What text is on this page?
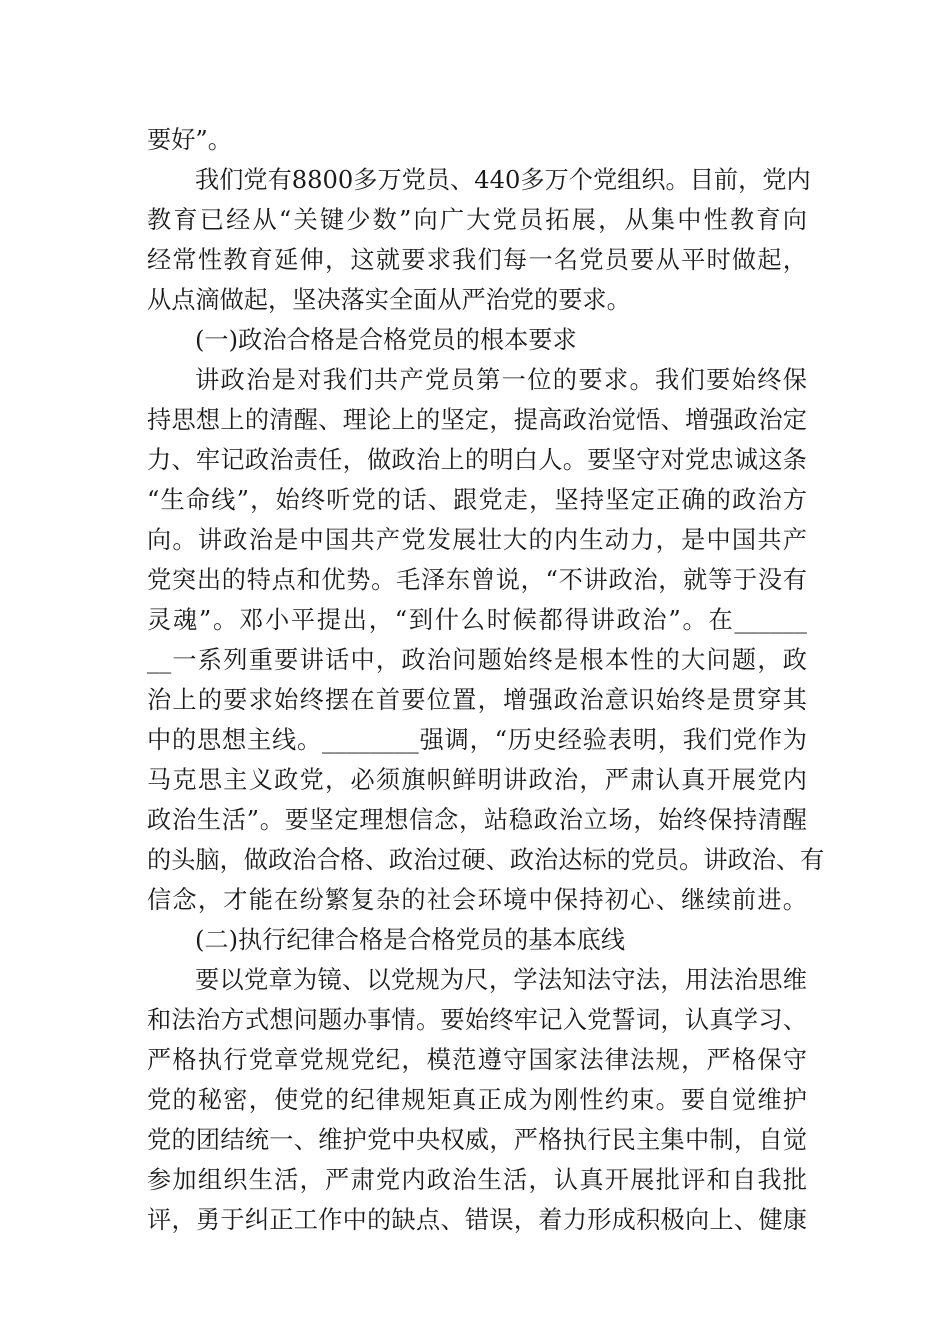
要好”。
我们党有8800多万党员、440多万个党组织。目前，党内
教育已经从“关键少数”向广大党员拓展，从集中性教育向
经常性教育延伸，这就要求我们每一名党员要从平时做起，
从点滴做起，坚决落实全面从严治党的要求。
(一)政治合格是合格党员的根本要求
讲政治是对我们共产党员第一位的要求。我们要始终保
持思想上的清醒、理论上的坚定，提高政治觉悟、增强政治定
力、牢记政治责任，做政治上的明白人。要坚守对党忠诚这条
“生命线”，始终听党的话、跟党走，坚持坚定正确的政治方
向。讲政治是中国共产党发展壮大的内生动力，是中国共产
党突出的特点和优势。毛泽东曾说，“不讲政治，就等于没有
灵魂”。邓小平提出，“到什么时候都得讲政治”。在______
__一系列重要讲话中，政治问题始终是根本性的大问题，政
治上的要求始终摆在首要位置，增强政治意识始终是贯穿其
中的思想主线。________强调，“历史经验表明，我们党作为
马克思主义政党，必须旗帜鲜明讲政治，严肃认真开展党内
政治生活”。要坚定理想信念，站稳政治立场，始终保持清醒
的头脑，做政治合格、政治过硬、政治达标的党员。讲政治、有
信念，才能在纷繁复杂的社会环境中保持初心、继续前进。
(二)执行纪律合格是合格党员的基本底线
要以党章为镜、以党规为尺，学法知法守法，用法治思维
和法治方式想问题办事情。要始终牢记入党誓词，认真学习、
严格执行党章党规党纪，模范遵守国家法律法规，严格保守
党的秘密，使党的纪律规矩真正成为刚性约束。要自觉维护
党的团结统一、维护党中央权威，严格执行民主集中制，自觉
参加组织生活，严肃党内政治生活，认真开展批评和自我批
评，勇于纠正工作中的缺点、错误，着力形成积极向上、健康
